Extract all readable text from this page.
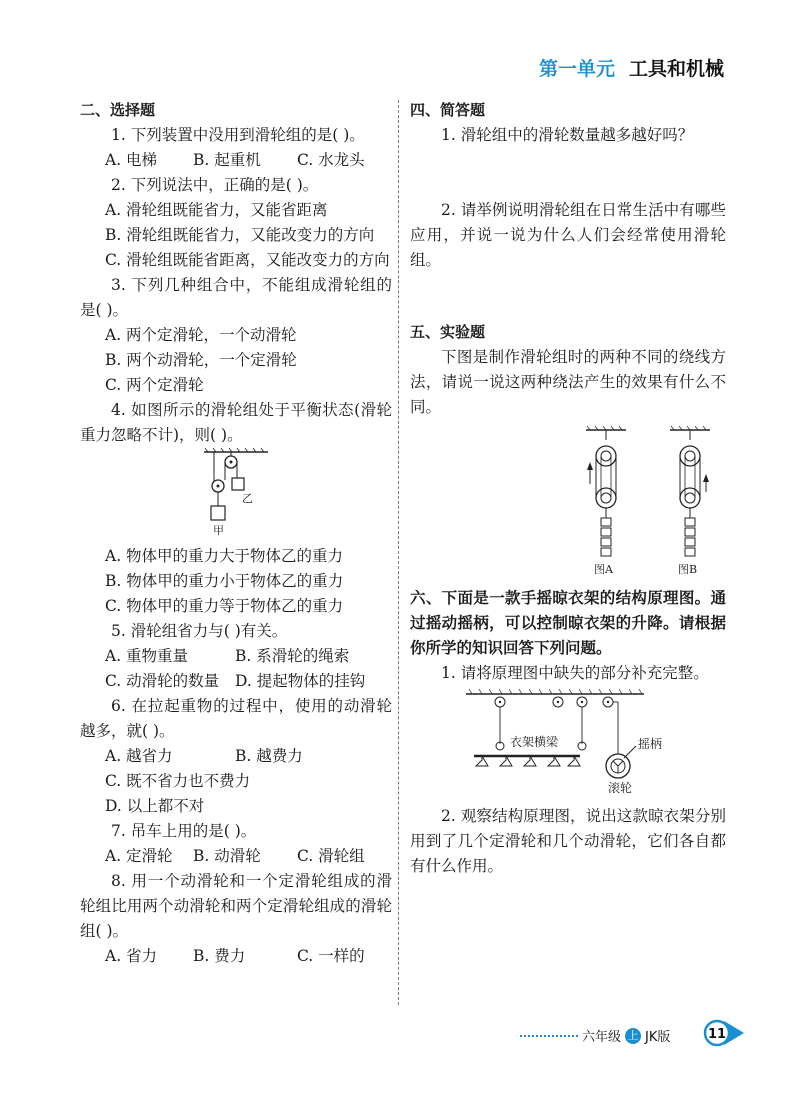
第一单元 工具和机械
二、选择题
1. 下列装置中没用到滑轮组的是( )。
A. 电梯 B. 起重机 C. 水龙头
2. 下列说法中，正确的是( )。
A. 滑轮组既能省力，又能省距离
B. 滑轮组既能省力，又能改变力的方向
C. 滑轮组既能省距离，又能改变力的方向
3. 下列几种组合中，不能组成滑轮组的是( )。
A. 两个定滑轮，一个动滑轮
B. 两个动滑轮，一个定滑轮
C. 两个定滑轮
4. 如图所示的滑轮组处于平衡状态(滑轮重力忽略不计)，则( )。
乙
甲
A. 物体甲的重力大于物体乙的重力
B. 物体甲的重力小于物体乙的重力
C. 物体甲的重力等于物体乙的重力
5. 滑轮组省力与( )有关。
A. 重物重量	B. 系滑轮的绳索
C. 动滑轮的数量 D. 提起物体的挂钩
6. 在拉起重物的过程中，使用的动滑轮越多，就( )。
A. 越省力	B. 越费力
C. 既不省力也不费力
D. 以上都不对
7. 吊车上用的是( )。
A. 定滑轮 B. 动滑轮 C. 滑轮组
8. 用一个动滑轮和一个定滑轮组成的滑轮组比用两个动滑轮和两个定滑轮组成的滑轮组( )。
A. 省力 B. 费力	C. 一样的
四、简答题
1. 滑轮组中的滑轮数量越多越好吗？
2. 请举例说明滑轮组在日常生活中有哪些应用，并说一说为什么人们会经常使用滑轮组。
五、实验题
下图是制作滑轮组时的两种不同的绕线方法，请说一说这两种绕法产生的效果有什么不同。
图A	图B
六、下面是一款手摇晾衣架的结构原理图。通过摇动摇柄，可以控制晾衣架的升降。请根据你所学的知识回答下列问题。
1. 请将原理图中缺失的部分补充完整。
衣架横梁	摇柄
滚轮
2. 观察结构原理图，说出这款晾衣架分别用到了几个定滑轮和几个动滑轮，它们各自都有什么作用。
六年级 上 JK版	11
